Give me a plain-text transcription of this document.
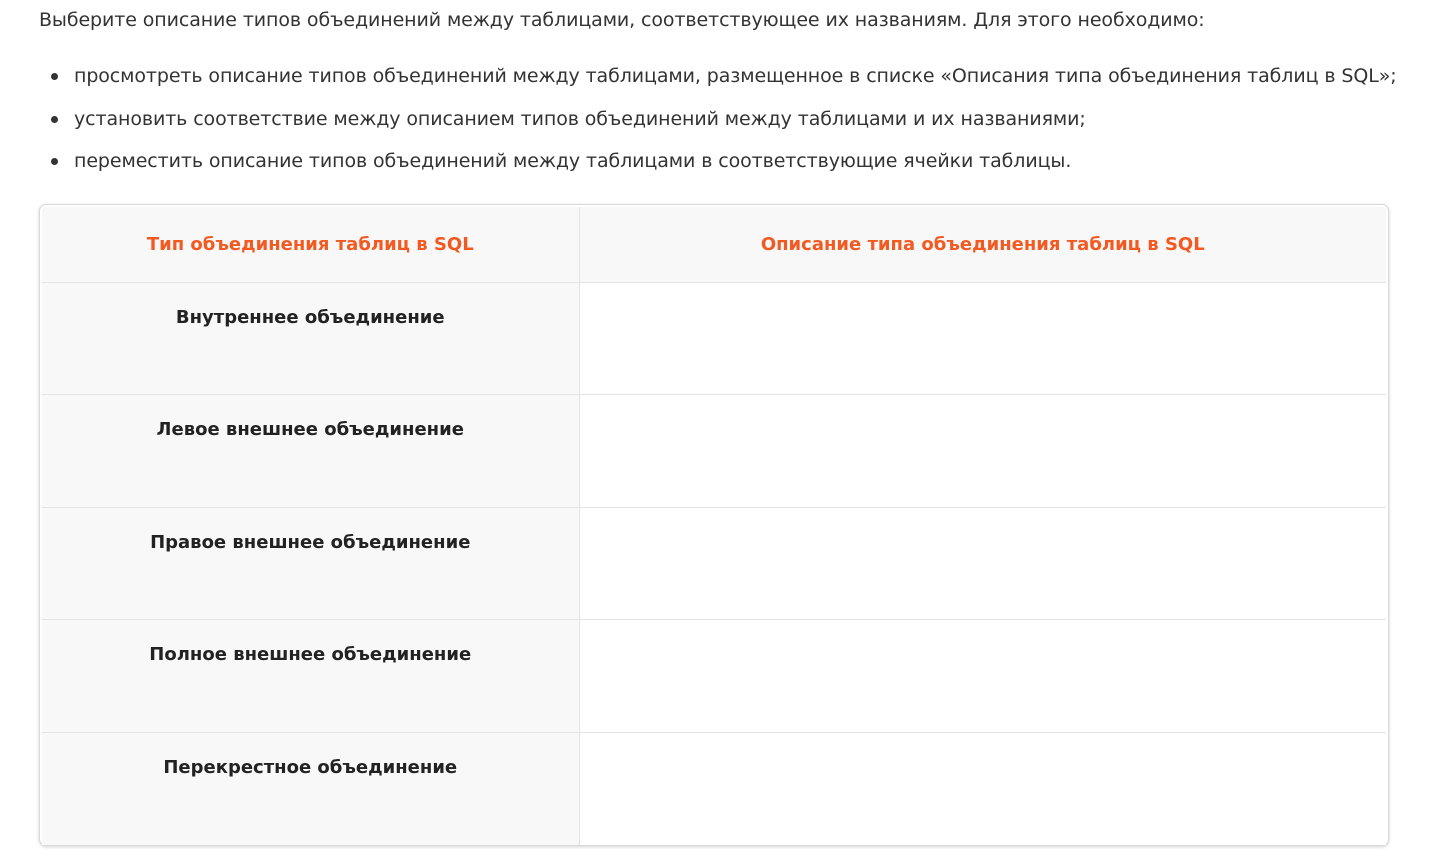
Выберите описание типов объединений между таблицами, соответствующее их названиям. Для этого необходимо:
просмотреть описание типов объединений между таблицами, размещенное в списке «Описания типа объединения таблиц в SQL»;
установить соответствие между описанием типов объединений между таблицами и их названиями;
переместить описание типов объединений между таблицами в соответствующие ячейки таблицы.
Тип объединения таблиц в SQL	Описание типа объединения таблиц в SQL
Внутреннее объединение	
Левое внешнее объединение	
Правое внешнее объединение	
Полное внешнее объединение	
Перекрестное объединение	
